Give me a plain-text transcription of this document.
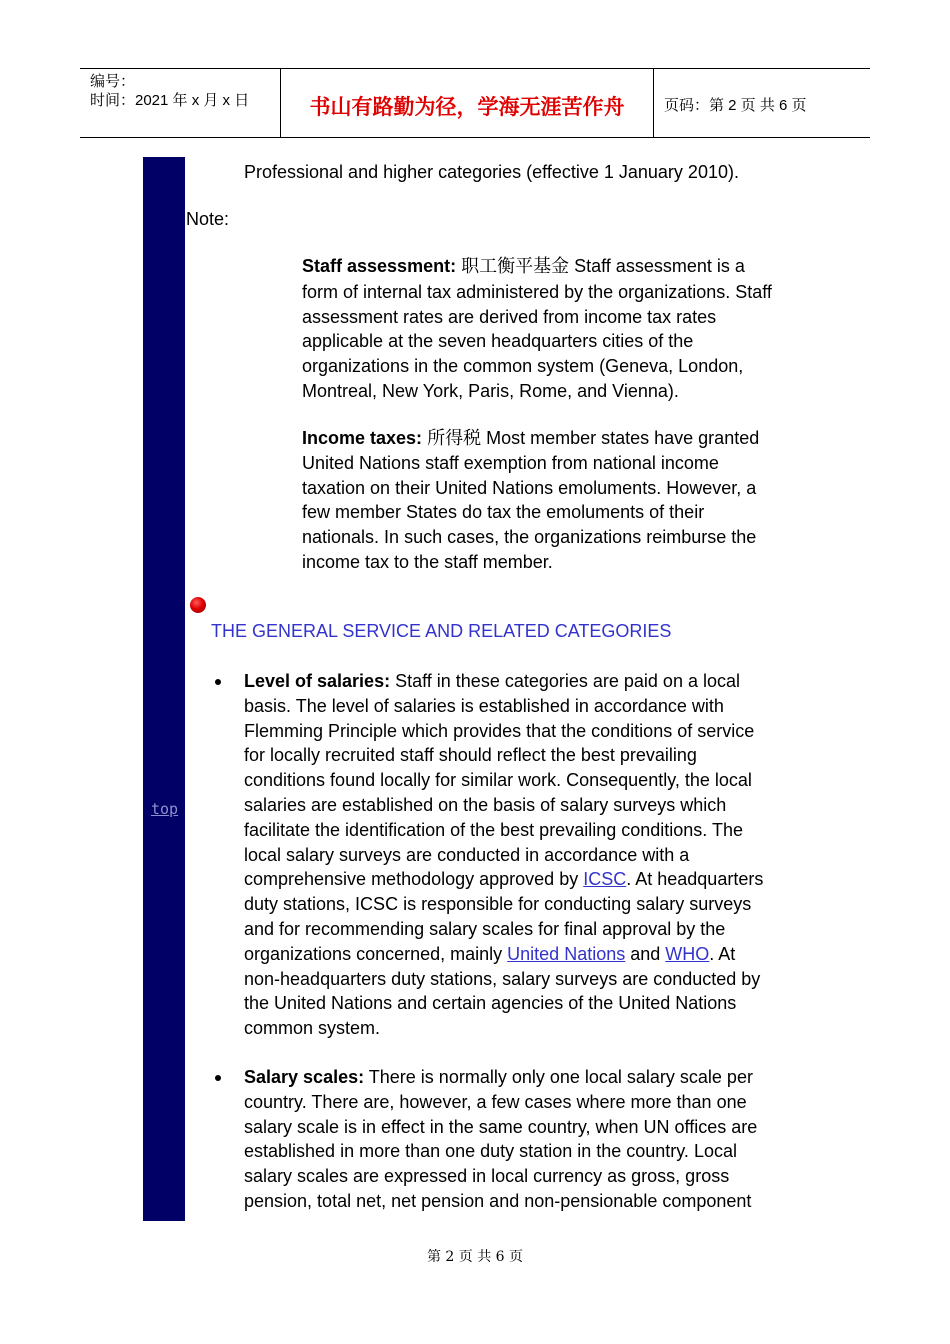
编号：
时间：2021 年 x 月 x 日	书山有路勤为径，学海无涯苦作舟	页码：第 2 页 共 6 页
top
Professional and higher categories (effective 1 January 2010).
Note:
Staff assessment: 职工衡平基金 Staff assessment is a
form of internal tax administered by the organizations. Staff
assessment rates are derived from income tax rates
applicable at the seven headquarters cities of the
organizations in the common system (Geneva, London,
Montreal, New York, Paris, Rome, and Vienna).
Income taxes: 所得税 Most member states have granted
United Nations staff exemption from national income
taxation on their United Nations emoluments. However, a
few member States do tax the emoluments of their
nationals. In such cases, the organizations reimburse the
income tax to the staff member.
THE GENERAL SERVICE AND RELATED CATEGORIES
Level of salaries: Staff in these categories are paid on a local
basis. The level of salaries is established in accordance with
Flemming Principle which provides that the conditions of service
for locally recruited staff should reflect the best prevailing
conditions found locally for similar work. Consequently, the local
salaries are established on the basis of salary surveys which
facilitate the identification of the best prevailing conditions. The
local salary surveys are conducted in accordance with a
comprehensive methodology approved by ICSC. At headquarters
duty stations, ICSC is responsible for conducting salary surveys
and for recommending salary scales for final approval by the
organizations concerned, mainly United Nations and WHO. At
non-headquarters duty stations, salary surveys are conducted by
the United Nations and certain agencies of the United Nations
common system.
Salary scales: There is normally only one local salary scale per
country. There are, however, a few cases where more than one
salary scale is in effect in the same country, when UN offices are
established in more than one duty station in the country. Local
salary scales are expressed in local currency as gross, gross
pension, total net, net pension and non-pensionable component
第 2 页 共 6 页
